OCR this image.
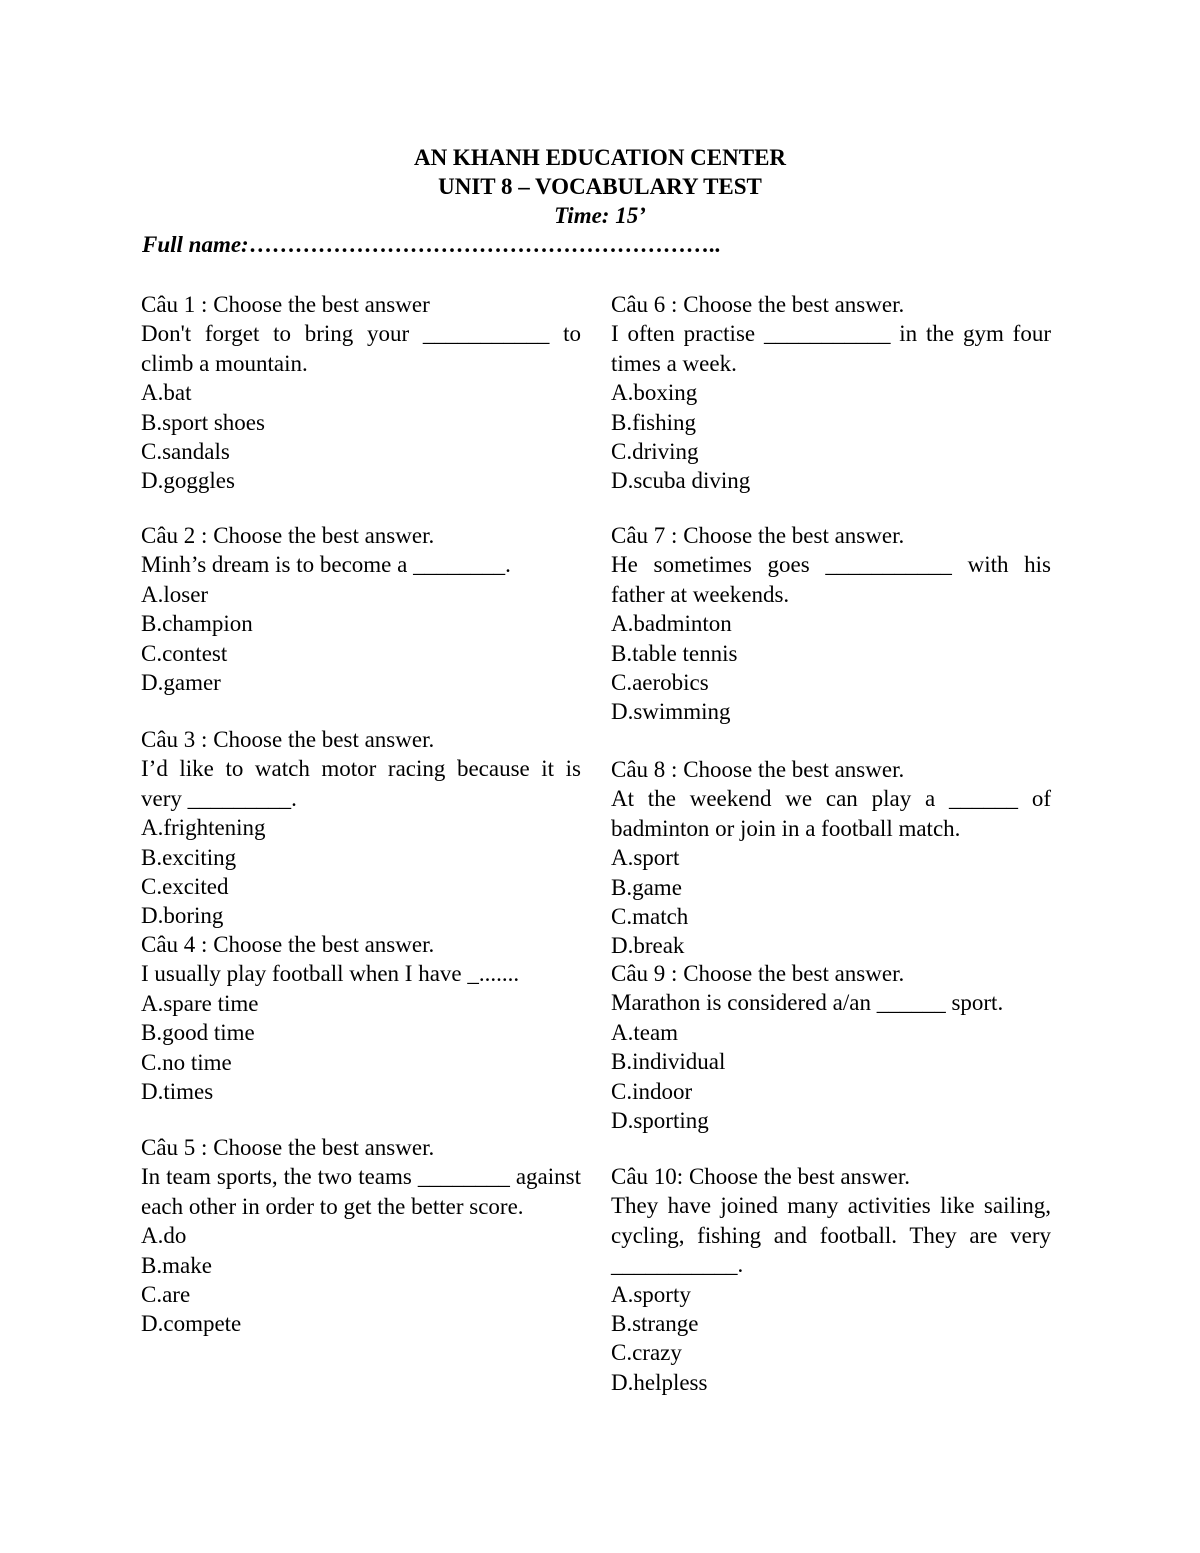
AN KHANH EDUCATION CENTER
UNIT 8 – VOCABULARY TEST
Time: 15’
Full name:……………………………………………………..
Câu 1 : Choose the best answer
Don't forget to bring your ___________ to climb a mountain.
A.bat
B.sport shoes
C.sandals
D.goggles
Câu 2 : Choose the best answer.
Minh’s dream is to become a ________.
A.loser
B.champion
C.contest
D.gamer
Câu 3 : Choose the best answer.
I’d like to watch motor racing because it is very _________.
A.frightening
B.exciting
C.excited
D.boring
Câu 4 : Choose the best answer.
I usually play football when I have _.......
A.spare time
B.good time
C.no time
D.times
Câu 5 : Choose the best answer.
In team sports, the two teams ________ against each other in order to get the better score.
A.do
B.make
C.are
D.compete
Câu 6 : Choose the best answer.
I often practise ___________ in the gym four times a week.
A.boxing
B.fishing
C.driving
D.scuba diving
Câu 7 : Choose the best answer.
He sometimes goes ___________ with his father at weekends.
A.badminton
B.table tennis
C.aerobics
D.swimming
Câu 8 : Choose the best answer.
At the weekend we can play a ______ of badminton or join in a football match.
A.sport
B.game
C.match
D.break
Câu 9 : Choose the best answer.
Marathon is considered a/an ______ sport.
A.team
B.individual
C.indoor
D.sporting
Câu 10: Choose the best answer.
They have joined many activities like sailing, cycling, fishing and football. They are very ___________.
A.sporty
B.strange
C.crazy
D.helpless
